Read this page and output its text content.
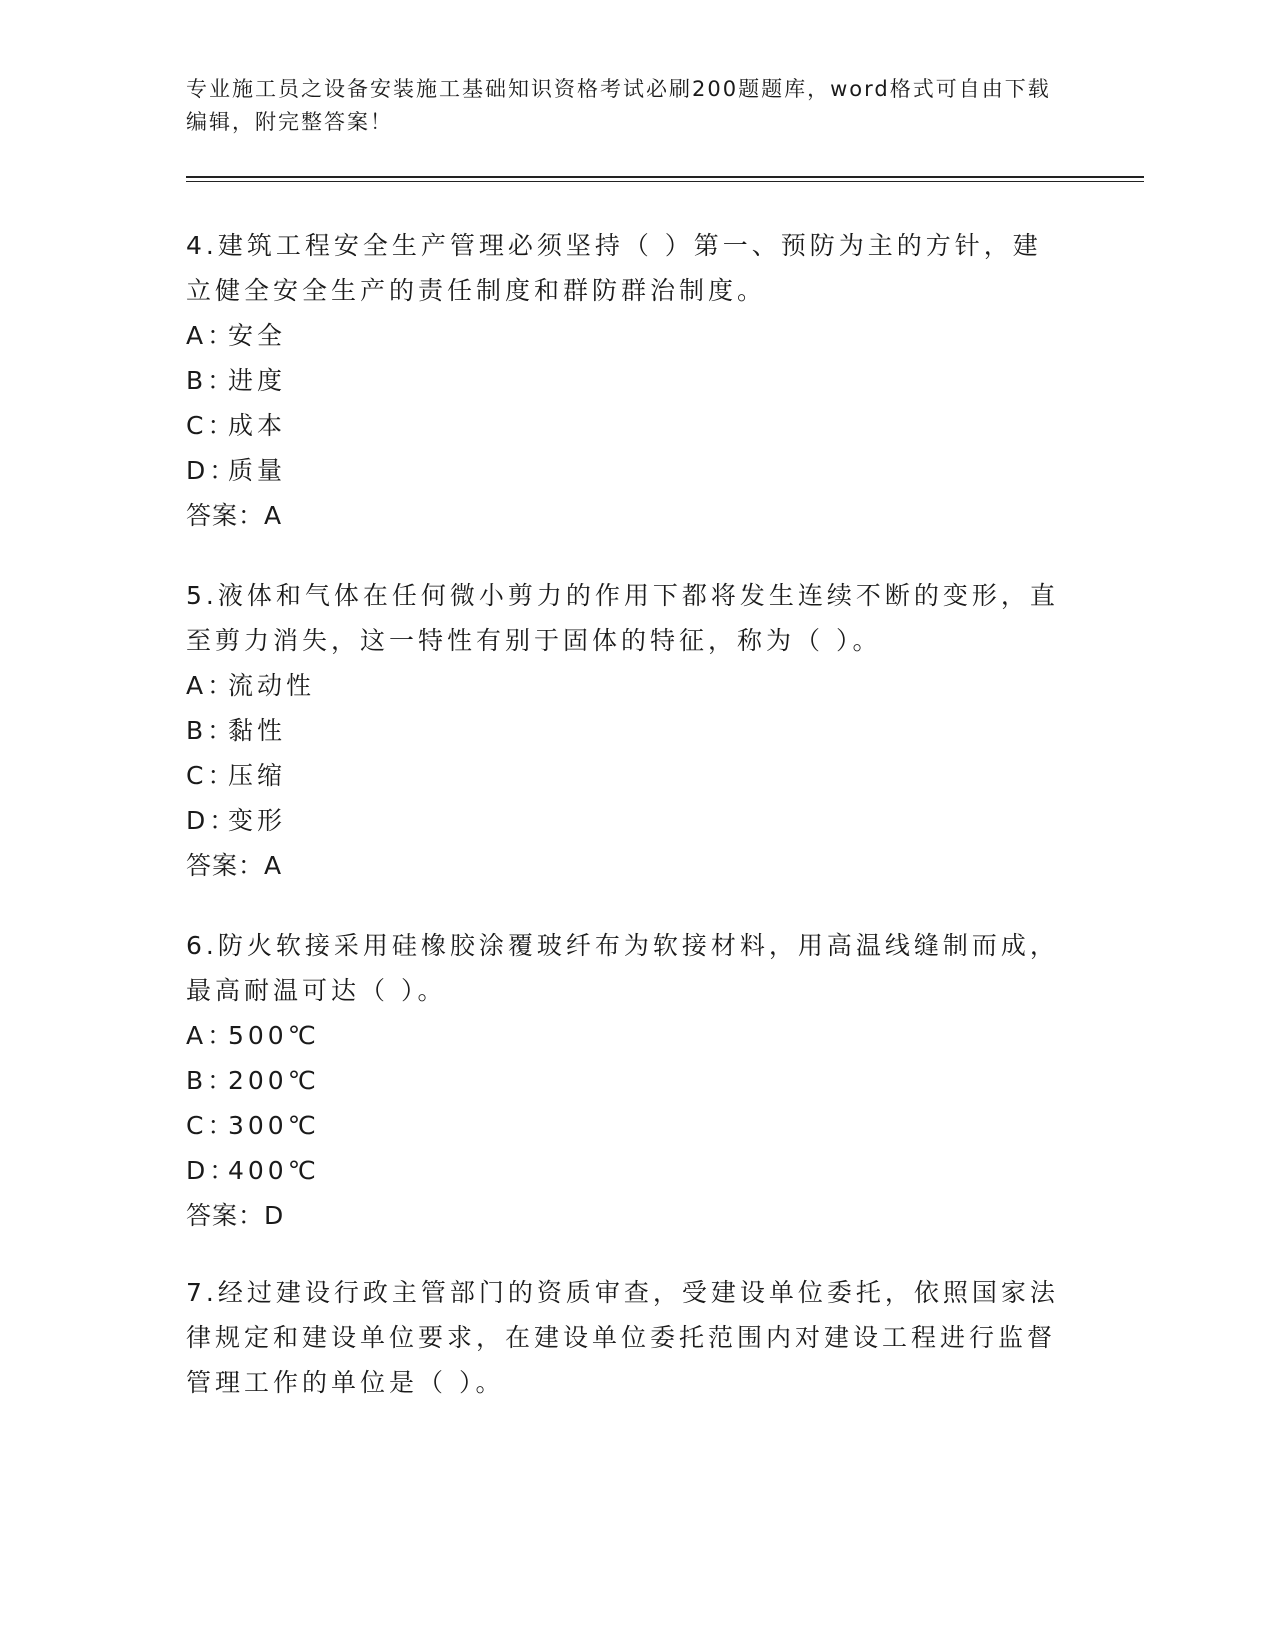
专业施工员之设备安装施工基础知识资格考试必刷200题题库，word格式可自由下载编辑，附完整答案！
4.建筑工程安全生产管理必须坚持（ ）第一、预防为主的方针，建立健全安全生产的责任制度和群防群治制度。
A：安全
B：进度
C：成本
D：质量
答案：A
5.液体和气体在任何微小剪力的作用下都将发生连续不断的变形，直至剪力消失，这一特性有别于固体的特征，称为（ ）。
A：流动性
B：黏性
C：压缩
D：变形
答案：A
6.防火软接采用硅橡胶涂覆玻纤布为软接材料，用高温线缝制而成，最高耐温可达（ ）。
A：500℃
B：200℃
C：300℃
D：400℃
答案：D
7.经过建设行政主管部门的资质审查，受建设单位委托，依照国家法律规定和建设单位要求，在建设单位委托范围内对建设工程进行监督管理工作的单位是（ ）。
